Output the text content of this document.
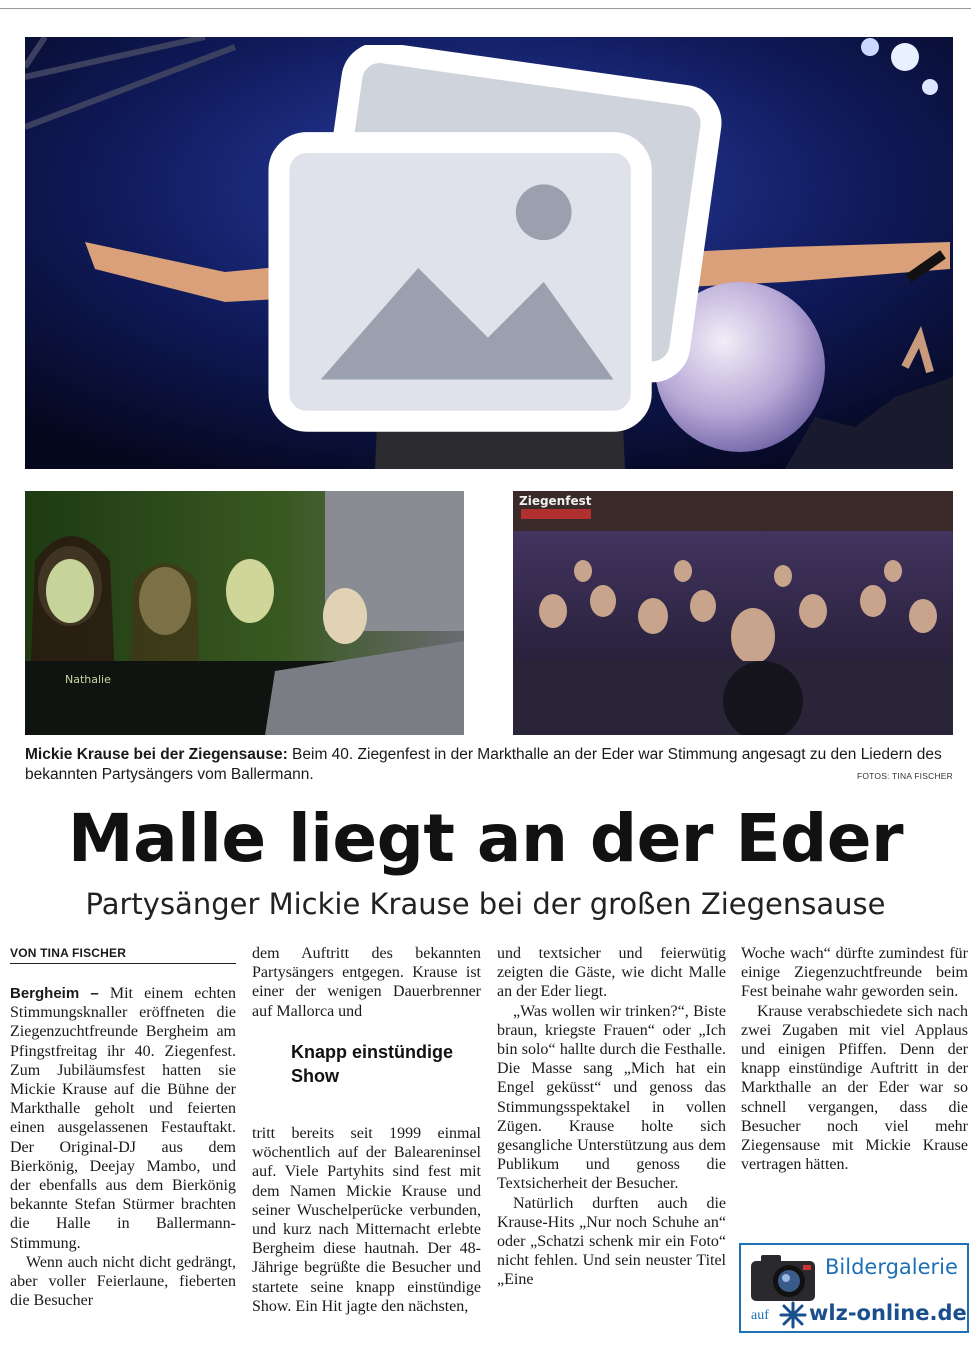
Nathalie
Ziegenfest
Mickie Krause bei der Ziegensause: Beim 40. Ziegenfest in der Markthalle an der Eder war Stimmung angesagt zu den Liedern des bekannten Partysängers vom Ballermann.	FOTOS: TINA FISCHER
Malle liegt an der Eder
Partysänger Mickie Krause bei der großen Ziegensause
VON TINA FISCHER

Bergheim – Mit einem echten Stimmungsknaller eröffneten die Ziegenzuchtfreunde Bergheim am Pfingstfreitag ihr 40. Ziegenfest. Zum Jubiläumsfest hatten sie Mickie Krause auf die Bühne der Markthalle geholt und feierten einen ausgelassenen Festauftakt. Der Original-DJ aus dem Bierkönig, Deejay Mambo, und der ebenfalls aus dem Bierkönig bekannte Stefan Stürmer brachten die Halle in Ballermann-Stimmung.

Wenn auch nicht dicht gedrängt, aber voller Feierlaune, fieberten die Besucher

dem Auftritt des bekannten Partysängers entgegen. Krause ist einer der wenigen Dauerbrenner auf Mallorca und

Knapp einstündige Show

tritt bereits seit 1999 einmal wöchentlich auf der Baleareninsel auf. Viele Partyhits sind fest mit dem Namen Mickie Krause und seiner Wuschelperücke verbunden, und kurz nach Mitternacht erlebte Bergheim diese hautnah. Der 48-Jährige begrüßte die Besucher und startete seine knapp einstündige Show. Ein Hit jagte den nächsten,

und textsicher und feierwütig zeigten die Gäste, wie dicht Malle an der Eder liegt.

„Was wollen wir trinken?“, Biste braun, kriegste Frauen“ oder „Ich bin solo“ hallte durch die Festhalle. Die Masse sang „Mich hat ein Engel geküsst“ und genoss das Stimmungsspektakel in vollen Zügen. Krause holte sich gesangliche Unterstützung aus dem Publikum und genoss die Textsicherheit der Besucher.

Natürlich durften auch die Krause-Hits „Nur noch Schuhe an“ oder „Schatzi schenk mir ein Foto“ nicht fehlen. Und sein neuster Titel „Eine

Woche wach“ dürfte zumindest für einige Ziegenzuchtfreunde beim Fest beinahe wahr geworden sein.

Krause verabschiedete sich nach zwei Zugaben mit viel Applaus und einigen Pfiffen. Denn der knapp einstündige Auftritt in der Markthalle an der Eder war so schnell vergangen, dass die Besucher noch viel mehr Ziegensause mit Mickie Krause vertragen hätten.

Bildergalerie
auf wlz-online.de
